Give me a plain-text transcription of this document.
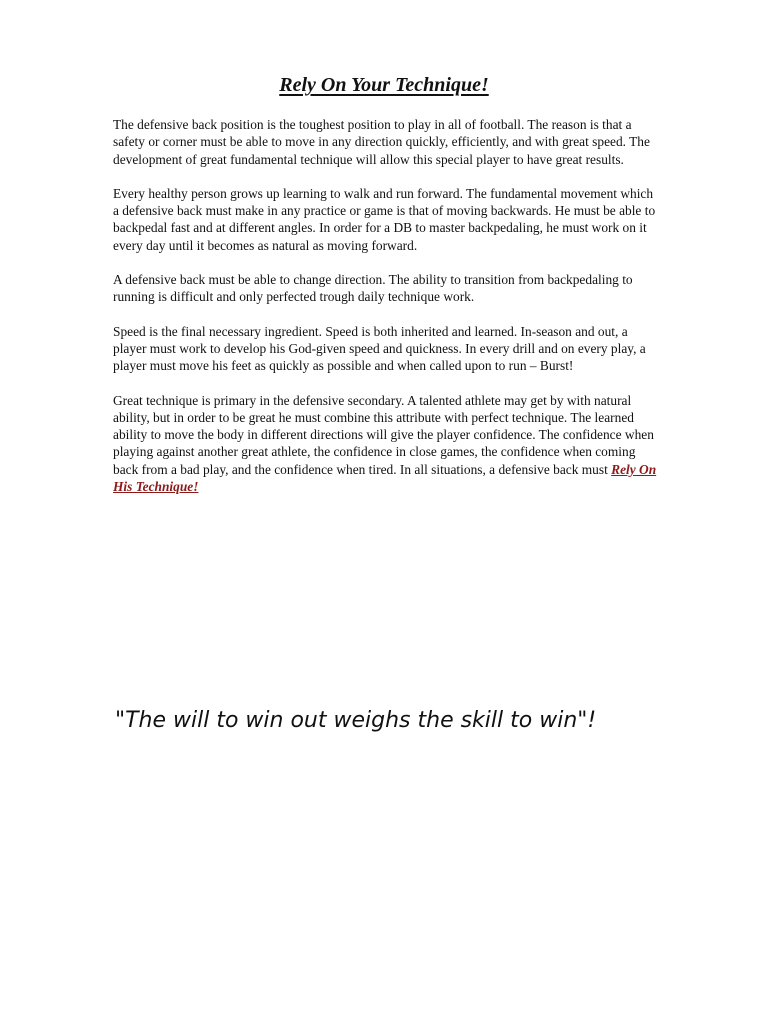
Rely On Your Technique!

The defensive back position is the toughest position to play in all of football. The reason is that a safety or corner must be able to move in any direction quickly, efficiently, and with great speed. The development of great fundamental technique will allow this special player to have great results.

Every healthy person grows up learning to walk and run forward. The fundamental movement which a defensive back must make in any practice or game is that of moving backwards. He must be able to backpedal fast and at different angles. In order for a DB to master backpedaling, he must work on it every day until it becomes as natural as moving forward.

A defensive back must be able to change direction. The ability to transition from backpedaling to running is difficult and only perfected trough daily technique work.

Speed is the final necessary ingredient. Speed is both inherited and learned. In-season and out, a player must work to develop his God-given speed and quickness. In every drill and on every play, a player must move his feet as quickly as possible and when called upon to run – Burst!

Great technique is primary in the defensive secondary. A talented athlete may get by with natural ability, but in order to be great he must combine this attribute with perfect technique. The learned ability to move the body in different directions will give the player confidence. The confidence when playing against another great athlete, the confidence in close games, the confidence when coming back from a bad play, and the confidence when tired. In all situations, a defensive back must Rely On His Technique!

"The will to win out weighs the skill to win"!
